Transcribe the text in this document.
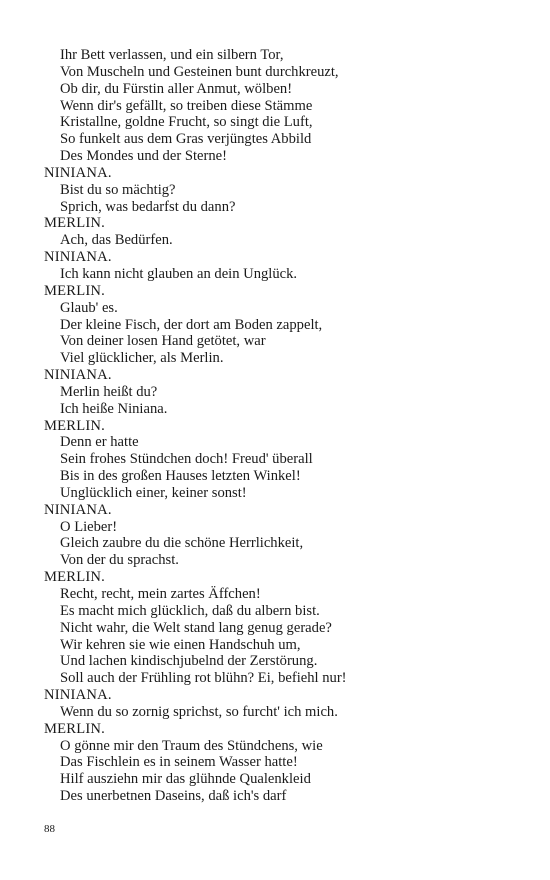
Ihr Bett verlassen, und ein silbern Tor,
Von Muscheln und Gesteinen bunt durchkreuzt,
Ob dir, du Fürstin aller Anmut, wölben!
Wenn dir's gefällt, so treiben diese Stämme
Kristallne, goldne Frucht, so singt die Luft,
So funkelt aus dem Gras verjüngtes Abbild
Des Mondes und der Sterne!
NINIANA.
Bist du so mächtig?
Sprich, was bedarfst du dann?
MERLIN.
Ach, das Bedürfen.
NINIANA.
Ich kann nicht glauben an dein Unglück.
MERLIN.
Glaub' es.
Der kleine Fisch, der dort am Boden zappelt,
Von deiner losen Hand getötet, war
Viel glücklicher, als Merlin.
NINIANA.
Merlin heißt du?
Ich heiße Niniana.
MERLIN.
Denn er hatte
Sein frohes Stündchen doch! Freud' überall
Bis in des großen Hauses letzten Winkel!
Unglücklich einer, keiner sonst!
NINIANA.
O Lieber!
Gleich zaubre du die schöne Herrlichkeit,
Von der du sprachst.
MERLIN.
Recht, recht, mein zartes Äffchen!
Es macht mich glücklich, daß du albern bist.
Nicht wahr, die Welt stand lang genug gerade?
Wir kehren sie wie einen Handschuh um,
Und lachen kindischjubelnd der Zerstörung.
Soll auch der Frühling rot blühn? Ei, befiehl nur!
NINIANA.
Wenn du so zornig sprichst, so furcht' ich mich.
MERLIN.
O gönne mir den Traum des Stündchens, wie
Das Fischlein es in seinem Wasser hatte!
Hilf ausziehn mir das glühnde Qualenkleid
Des unerbetnen Daseins, daß ich's darf
88
